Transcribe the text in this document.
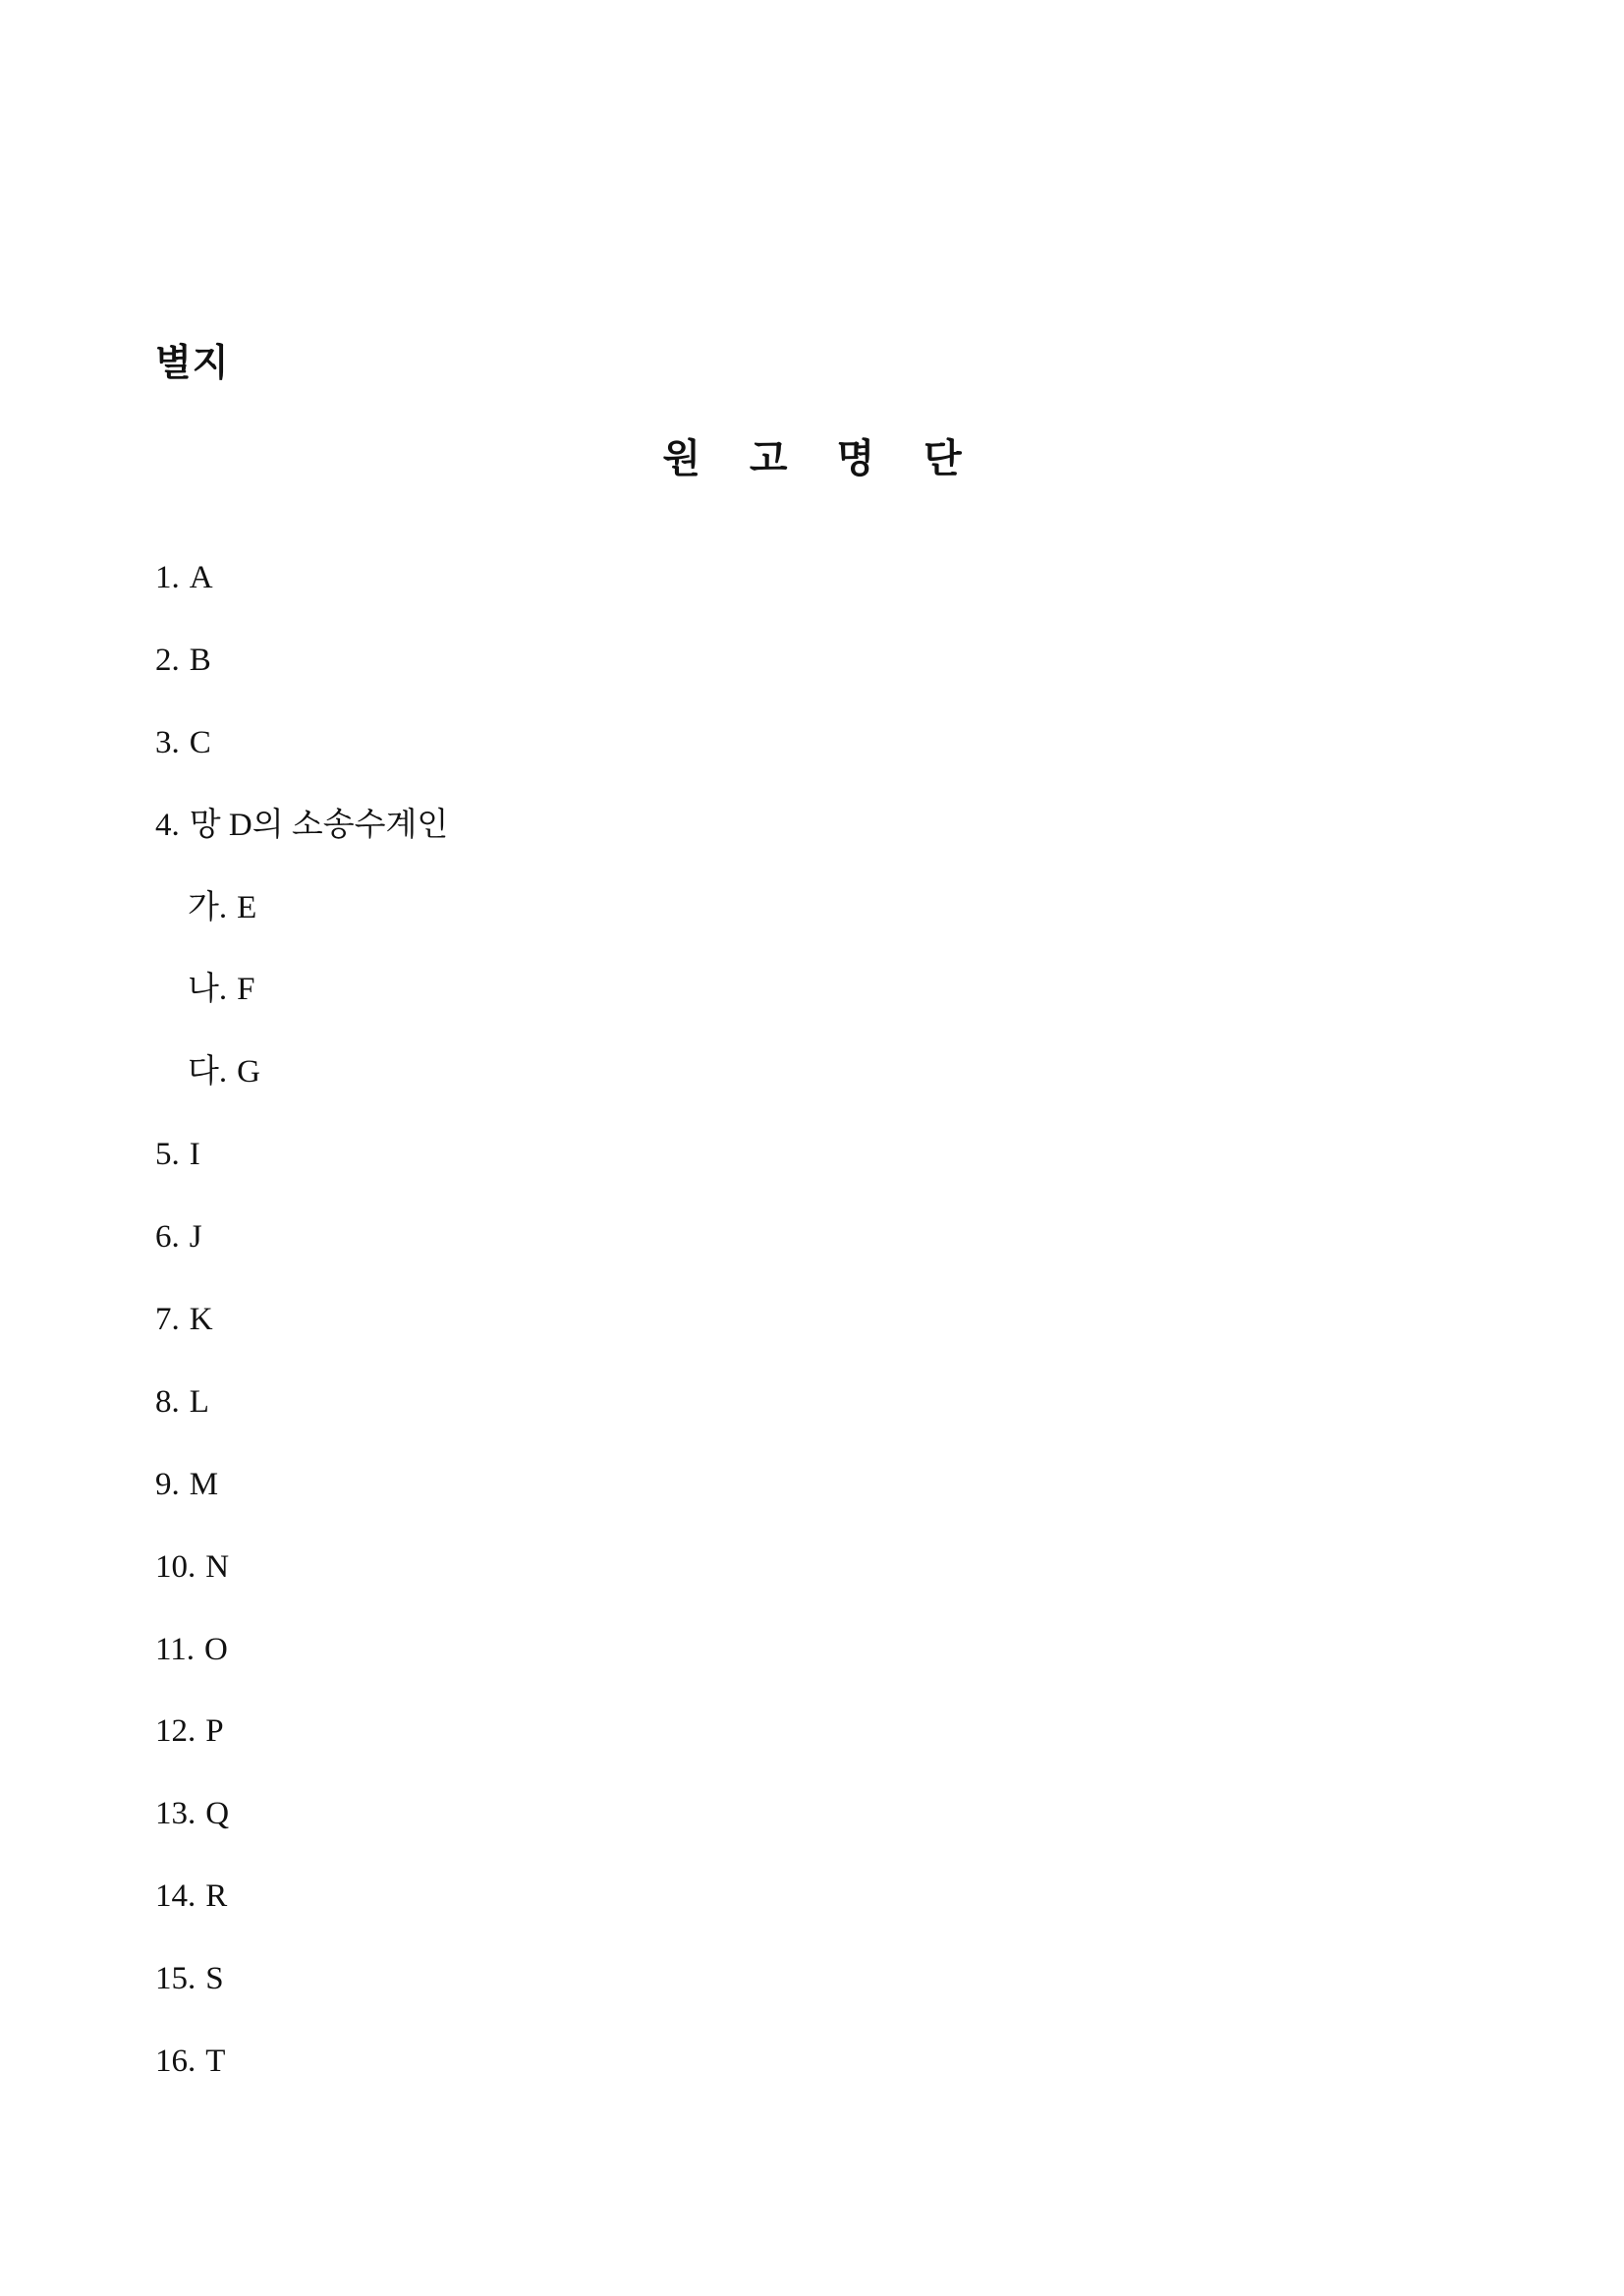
별지
원 고 명 단
1. A
2. B
3. C
4. 망 D의 소송수계인
가. E
나. F
다. G
5. I
6. J
7. K
8. L
9. M
10. N
11. O
12. P
13. Q
14. R
15. S
16. T
